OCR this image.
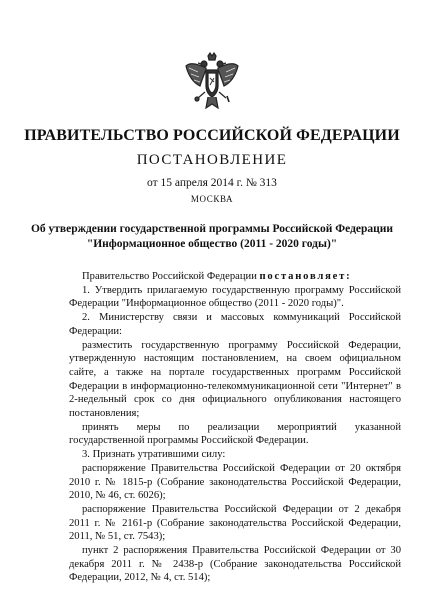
ПРАВИТЕЛЬСТВО РОССИЙСКОЙ ФЕДЕРАЦИИ
ПОСТАНОВЛЕНИЕ
от 15 апреля 2014 г. № 313
МОСКВА
Об утверждении государственной программы Российской Федерации
"Информационное общество (2011 - 2020 годы)"

Правительство Российской Федерации постановляет:

1. Утвердить прилагаемую государственную программу Российской Федерации "Информационное общество (2011 - 2020 годы)".

2. Министерству связи и массовых коммуникаций Российской Федерации:

разместить государственную программу Российской Федерации, утвержденную настоящим постановлением, на своем официальном сайте, а также на портале государственных программ Российской Федерации в информационно-телекоммуникационной сети "Интернет" в 2-недельный срок со дня официального опубликования настоящего постановления;

принять меры по реализации мероприятий указанной государственной программы Российской Федерации.

3. Признать утратившими силу:

распоряжение Правительства Российской Федерации от 20 октября 2010 г. № 1815-р (Собрание законодательства Российской Федерации, 2010, № 46, ст. 6026);

распоряжение Правительства Российской Федерации от 2 декабря 2011 г. № 2161-р (Собрание законодательства Российской Федерации, 2011, № 51, ст. 7543);

пункт 2 распоряжения Правительства Российской Федерации от 30 декабря 2011 г. № 2438-р (Собрание законодательства Российской Федерации, 2012, № 4, ст. 514);
